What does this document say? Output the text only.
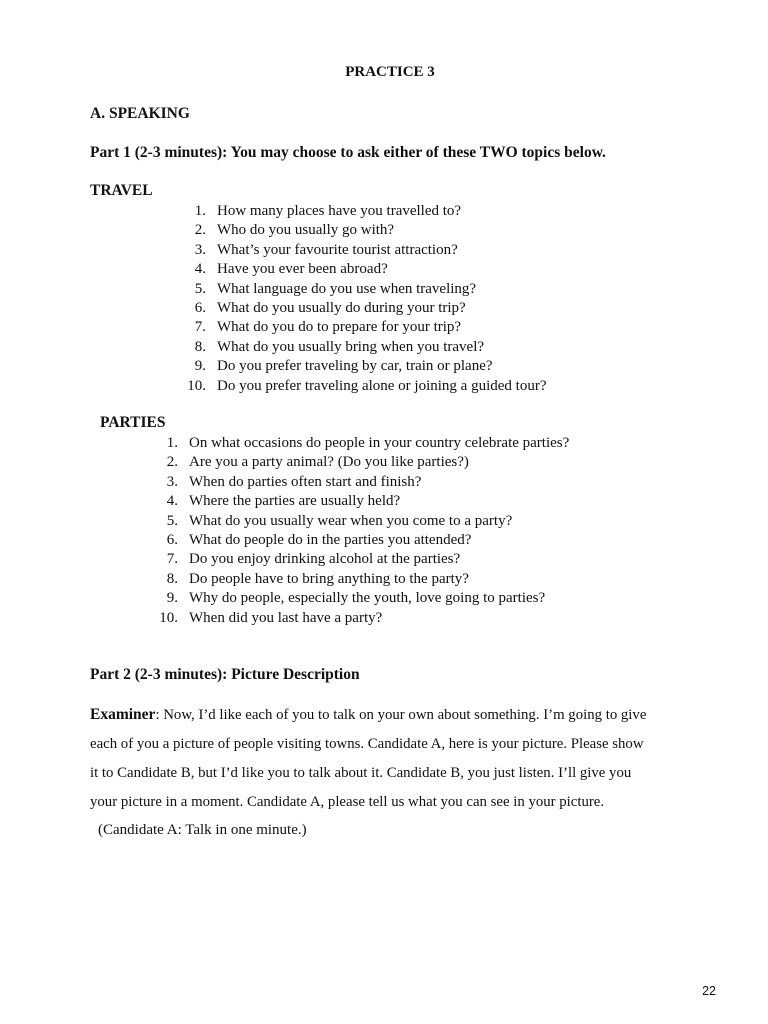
PRACTICE 3
A. SPEAKING
Part 1 (2-3 minutes): You may choose to ask either of these TWO topics below.
TRAVEL
1. How many places have you travelled to?
2. Who do you usually go with?
3. What’s your favourite tourist attraction?
4. Have you ever been abroad?
5. What language do you use when traveling?
6. What do you usually do during your trip?
7. What do you do to prepare for your trip?
8. What do you usually bring when you travel?
9. Do you prefer traveling by car, train or plane?
10. Do you prefer traveling alone or joining a guided tour?
PARTIES
1. On what occasions do people in your country celebrate parties?
2. Are you a party animal? (Do you like parties?)
3. When do parties often start and finish?
4. Where the parties are usually held?
5. What do you usually wear when you come to a party?
6. What do people do in the parties you attended?
7. Do you enjoy drinking alcohol at the parties?
8. Do people have to bring anything to the party?
9. Why do people, especially the youth, love going to parties?
10. When did you last have a party?
Part 2 (2-3 minutes): Picture Description

Examiner: Now, I’d like each of you to talk on your own about something. I’m going to give

each of you a picture of people visiting towns. Candidate A, here is your picture. Please show

it to Candidate B, but I’d like you to talk about it. Candidate B, you just listen. I’ll give you

your picture in a moment. Candidate A, please tell us what you can see in your picture.

(Candidate A: Talk in one minute.)
22
